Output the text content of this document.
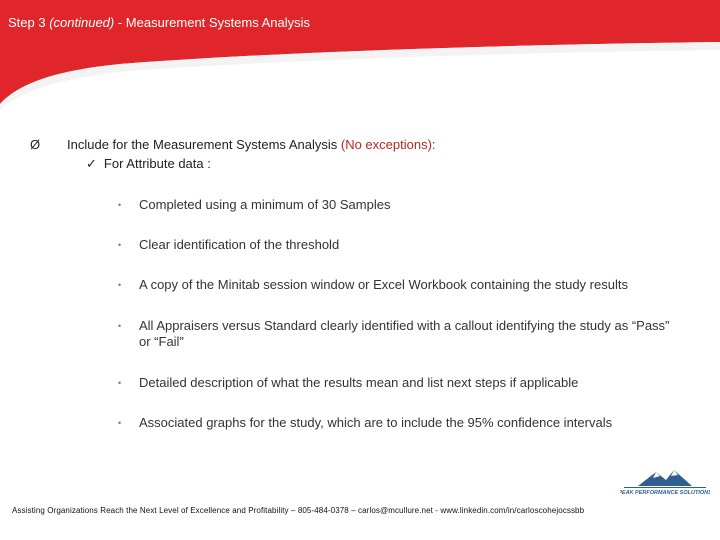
Step 3 (continued) - Measurement Systems Analysis
Ø Include for the Measurement Systems Analysis (No exceptions):
✓ For Attribute data :
• Completed using a minimum of 30 Samples
• Clear identification of the threshold
• A copy of the Minitab session window or Excel Workbook containing the study results
• All Appraisers versus Standard clearly identified with a callout identifying the study as “Pass” or “Fail”
• Detailed description of what the results mean and list next steps if applicable
• Associated graphs for the study, which are to include the 95% confidence intervals
PEAK PERFORMANCE SOLUTIONS
Assisting Organizations Reach the Next Level of Excellence and Profitability – 805-484-0378 – carlos@mcullure.net - www.linkedin.com/in/carloscohejocssbb
